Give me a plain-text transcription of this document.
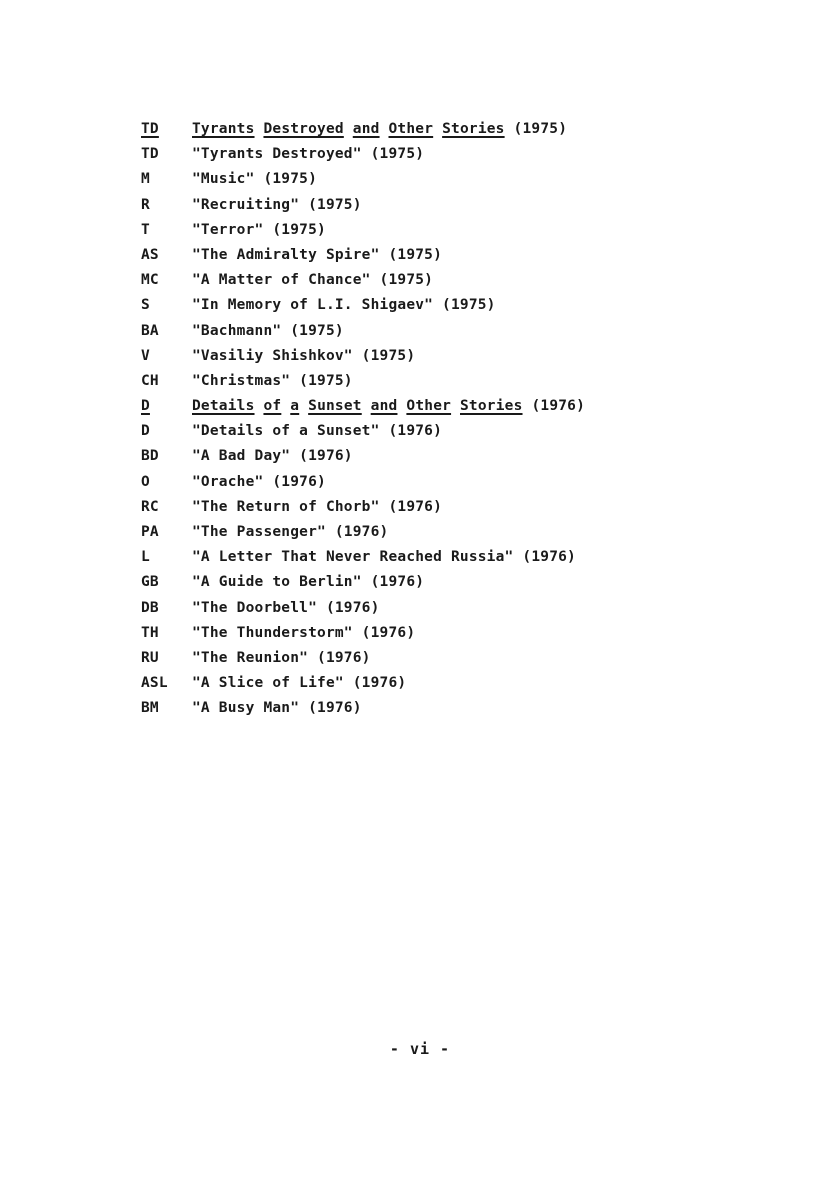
TD	Tyrants Destroyed and Other Stories (1975)
TD	"Tyrants Destroyed" (1975)
M	"Music" (1975)
R	"Recruiting" (1975)
T	"Terror" (1975)
AS	"The Admiralty Spire" (1975)
MC	"A Matter of Chance" (1975)
S	"In Memory of L.I. Shigaev" (1975)
BA	"Bachmann" (1975)
V	"Vasiliy Shishkov" (1975)
CH	"Christmas" (1975)
D	Details of a Sunset and Other Stories (1976)
D	"Details of a Sunset" (1976)
BD	"A Bad Day" (1976)
O	"Orache" (1976)
RC	"The Return of Chorb" (1976)
PA	"The Passenger" (1976)
L	"A Letter That Never Reached Russia" (1976)
GB	"A Guide to Berlin" (1976)
DB	"The Doorbell" (1976)
TH	"The Thunderstorm" (1976)
RU	"The Reunion" (1976)
ASL	"A Slice of Life" (1976)
BM	"A Busy Man" (1976)
- vi -
